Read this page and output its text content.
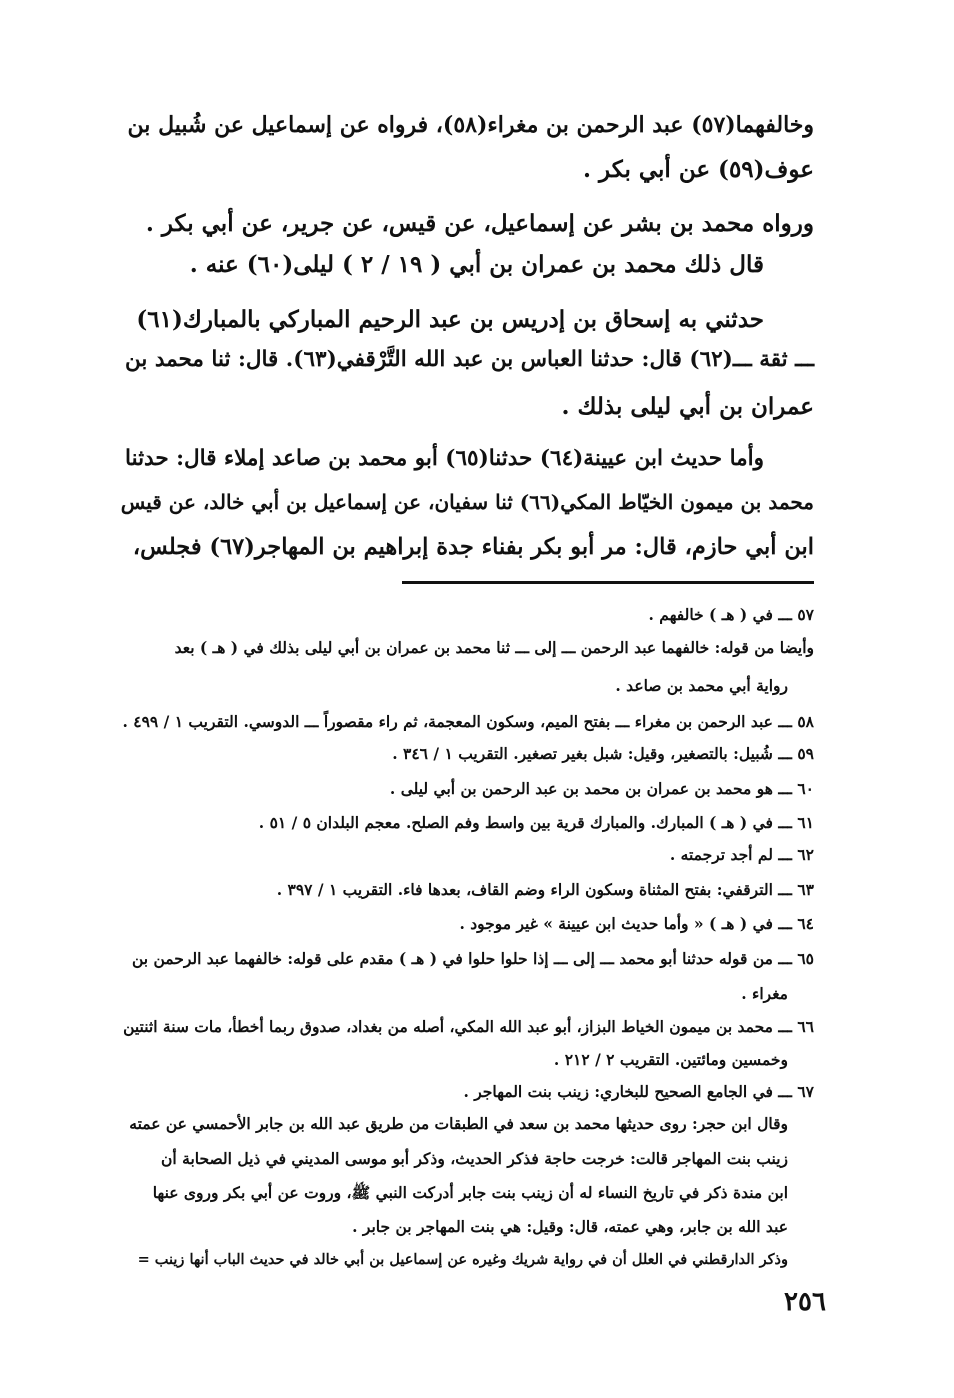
وخالفهما(٥٧) عبد الرحمن بن مغراء(٥٨)، فرواه عن إسماعيل عن شُبيل بن
عوف(٥٩) عن أبي بكر .
ورواه محمد بن بشر عن إسماعيل، عن قيس، عن جرير، عن أبي بكر .
قال ذلك محمد بن عمران بن أبي ( ١٩ / ٢ ) ليلى(٦٠) عنه .
حدثني به إسحاق بن إدريس بن عبد الرحيم المباركي بالمبارك(٦١)
ـــ ثقة ـــ(٦٢) قال: حدثنا العباس بن عبد الله التَّرْقفي(٦٣). قال: ثنا محمد بن
عمران بن أبي ليلى بذلك .
وأما حديث ابن عيينة(٦٤) حدثنا(٦٥) أبو محمد بن صاعد إملاء قال: حدثنا
محمد بن ميمون الخيّاط المكي(٦٦) ثنا سفيان، عن إسماعيل بن أبي خالد، عن قيس
ابن أبي حازم، قال: مر أبو بكر بفناء جدة إبراهيم بن المهاجر(٦٧) فجلس،
٥٧ ـــ في ( هـ ) خالفهم .
وأيضا من قوله: خالفهما عبد الرحمن ـــ إلى ـــ ثنا محمد بن عمران بن أبي ليلى بذلك في ( هـ ) بعد
رواية أبي محمد بن صاعد .
٥٨ ـــ عبد الرحمن بن مغراء ـــ بفتح الميم، وسكون المعجمة، ثم راء مقصوراً ـــ الدوسي. التقريب ١ / ٤٩٩ .
٥٩ ـــ شُبيل: بالتصغير، وقيل: شبل بغير تصغير. التقريب ١ / ٣٤٦ .
٦٠ ـــ هو محمد بن عمران بن محمد بن عبد الرحمن بن أبي ليلى .
٦١ ـــ في ( هـ ) المبارك. والمبارك قرية بين واسط وفم الصلح. معجم البلدان ٥ / ٥١ .
٦٢ ـــ لم أجد ترجمته .
٦٣ ـــ الترقفي: بفتح المثناة وسكون الراء وضم القاف، بعدها فاء. التقريب ١ / ٣٩٧ .
٦٤ ـــ في ( هـ ) « وأما حديث ابن عيينة » غير موجود .
٦٥ ـــ من قوله حدثنا أبو محمد ـــ إلى ـــ إذا حلوا حلوا في ( هـ ) مقدم على قوله: خالفهما عبد الرحمن بن
مغراء .
٦٦ ـــ محمد بن ميمون الخياط البزاز، أبو عبد الله المكي، أصله من بغداد، صدوق ربما أخطأ، مات سنة اثنتين
وخمسين ومائتين. التقريب ٢ / ٢١٢ .
٦٧ ـــ في الجامع الصحيح للبخاري: زينب بنت المهاجر .
وقال ابن حجر: روى حديثها محمد بن سعد في الطبقات من طريق عبد الله بن جابر الأحمسي عن عمته
زينب بنت المهاجر قالت: خرجت حاجة فذكر الحديث، وذكر أبو موسى المديني في ذيل الصحابة أن
ابن مندة ذكر في تاريخ النساء له أن زينب بنت جابر أدركت النبي ﷺ، وروت عن أبي بكر وروى عنها
عبد الله بن جابر، وهي عمته، قال: وقيل: هي بنت المهاجر بن جابر .
وذكر الدارقطني في العلل أن في رواية شريك وغيره عن إسماعيل بن أبي خالد في حديث الباب أنها زينب =
٢٥٦
